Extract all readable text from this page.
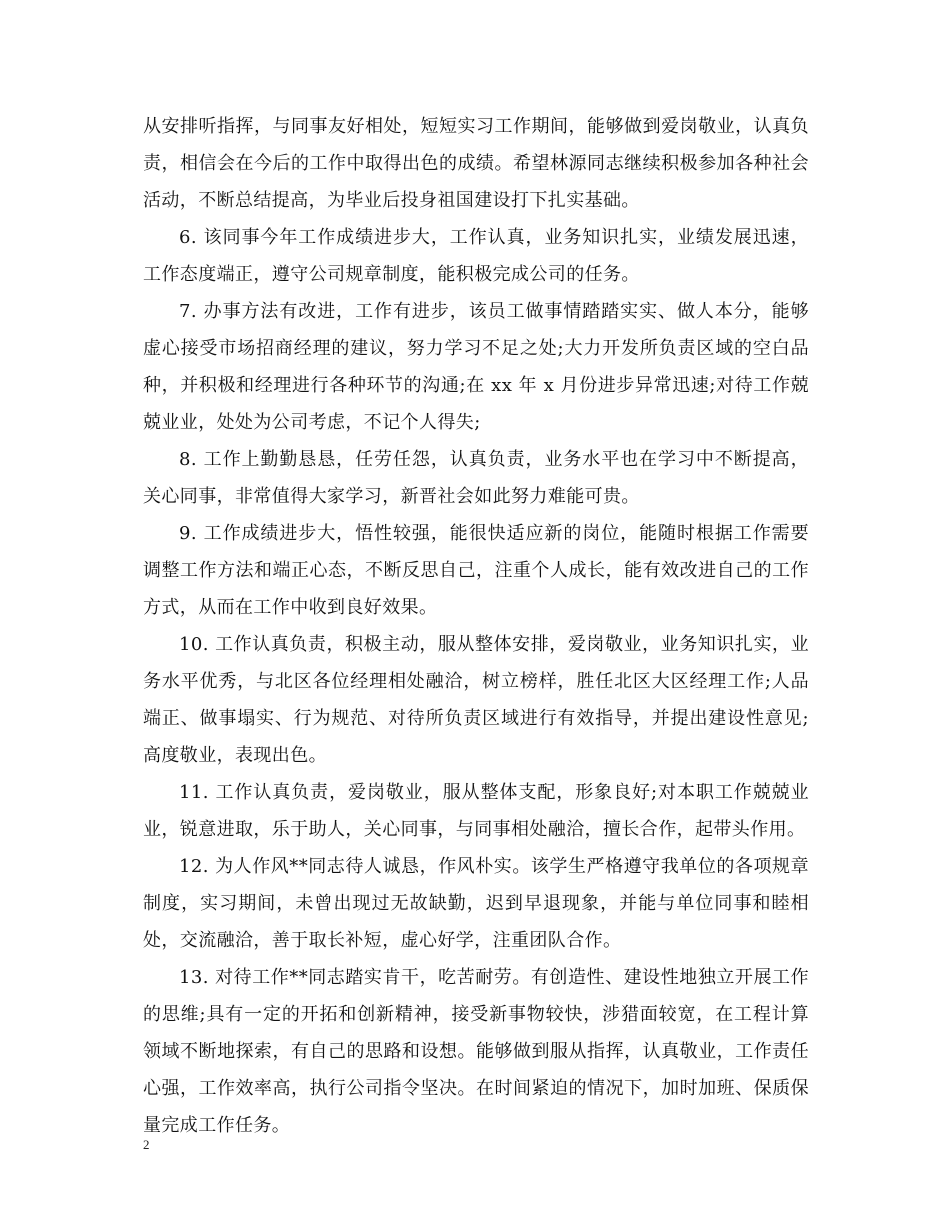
从安排听指挥，与同事友好相处，短短实习工作期间，能够做到爱岗敬业，认真负责，相信会在今后的工作中取得出色的成绩。希望林源同志继续积极参加各种社会活动，不断总结提高，为毕业后投身祖国建设打下扎实基础。

6. 该同事今年工作成绩进步大，工作认真，业务知识扎实，业绩发展迅速，工作态度端正，遵守公司规章制度，能积极完成公司的任务。

7. 办事方法有改进，工作有进步，该员工做事情踏踏实实、做人本分，能够虚心接受市场招商经理的建议，努力学习不足之处;大力开发所负责区域的空白品种，并积极和经理进行各种环节的沟通;在 xx 年 x 月份进步异常迅速;对待工作兢兢业业，处处为公司考虑，不记个人得失;

8. 工作上勤勤恳恳，任劳任怨，认真负责，业务水平也在学习中不断提高，关心同事，非常值得大家学习，新晋社会如此努力难能可贵。

9. 工作成绩进步大，悟性较强，能很快适应新的岗位，能随时根据工作需要调整工作方法和端正心态，不断反思自己，注重个人成长，能有效改进自己的工作方式，从而在工作中收到良好效果。

10. 工作认真负责，积极主动，服从整体安排，爱岗敬业，业务知识扎实，业务水平优秀，与北区各位经理相处融洽，树立榜样，胜任北区大区经理工作;人品端正、做事塌实、行为规范、对待所负责区域进行有效指导，并提出建设性意见;高度敬业，表现出色。

11. 工作认真负责，爱岗敬业，服从整体支配，形象良好;对本职工作兢兢业业，锐意进取，乐于助人，关心同事，与同事相处融洽，擅长合作，起带头作用。

12. 为人作风**同志待人诚恳，作风朴实。该学生严格遵守我单位的各项规章制度，实习期间，未曾出现过无故缺勤，迟到早退现象，并能与单位同事和睦相处，交流融洽，善于取长补短，虚心好学，注重团队合作。

13. 对待工作**同志踏实肯干，吃苦耐劳。有创造性、建设性地独立开展工作的思维;具有一定的开拓和创新精神，接受新事物较快，涉猎面较宽，在工程计算领域不断地探索，有自己的思路和设想。能够做到服从指挥，认真敬业，工作责任心强，工作效率高，执行公司指令坚决。在时间紧迫的情况下，加时加班、保质保量完成工作任务。

2
